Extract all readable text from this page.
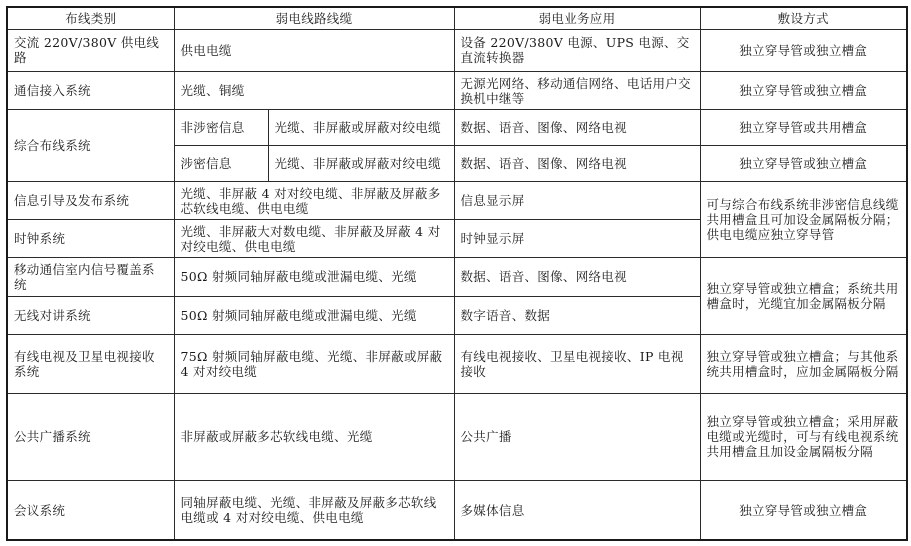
布线类别	弱电线路线缆		弱电业务应用	敷设方式
交流 220V/380V 供电线路	供电电缆		设备 220V/380V 电源、UPS 电源、交直流转换器	独立穿导管或独立槽盒
通信接入系统	光缆、铜缆		无源光网络、移动通信网络、电话用户交换机中继等	独立穿导管或独立槽盒
综合布线系统	非涉密信息	光缆、非屏蔽或屏蔽对绞电缆	数据、语音、图像、网络电视	独立穿导管或共用槽盒
	涉密信息	光缆、非屏蔽或屏蔽对绞电缆	数据、语音、图像、网络电视	独立穿导管或独立槽盒
信息引导及发布系统	光缆、非屏蔽 4 对对绞电缆、非屏蔽及屏蔽多芯软线电缆、供电电缆		信息显示屏	可与综合布线系统非涉密信息线缆共用槽盒且可加设金属隔板分隔；供电电缆应独立穿导管
时钟系统	光缆、非屏蔽大对数电缆、非屏蔽及屏蔽 4 对对绞电缆、供电电缆		时钟显示屏	
移动通信室内信号覆盖系统	50Ω 射频同轴屏蔽电缆或泄漏电缆、光缆		数据、语音、图像、网络电视	独立穿导管或独立槽盒；系统共用槽盒时，光缆宜加金属隔板分隔
无线对讲系统	50Ω 射频同轴屏蔽电缆或泄漏电缆、光缆		数字语音、数据	
有线电视及卫星电视接收系统	75Ω 射频同轴屏蔽电缆、光缆、非屏蔽或屏蔽 4 对对绞电缆		有线电视接收、卫星电视接收、IP 电视接收	独立穿导管或独立槽盒；与其他系统共用槽盒时，应加金属隔板分隔
公共广播系统	非屏蔽或屏蔽多芯软线电缆、光缆		公共广播	独立穿导管或独立槽盒；采用屏蔽电缆或光缆时，可与有线电视系统共用槽盒且加设金属隔板分隔
会议系统	同轴屏蔽电缆、光缆、非屏蔽及屏蔽多芯软线电缆或 4 对对绞电缆、供电电缆		多媒体信息	独立穿导管或独立槽盒
